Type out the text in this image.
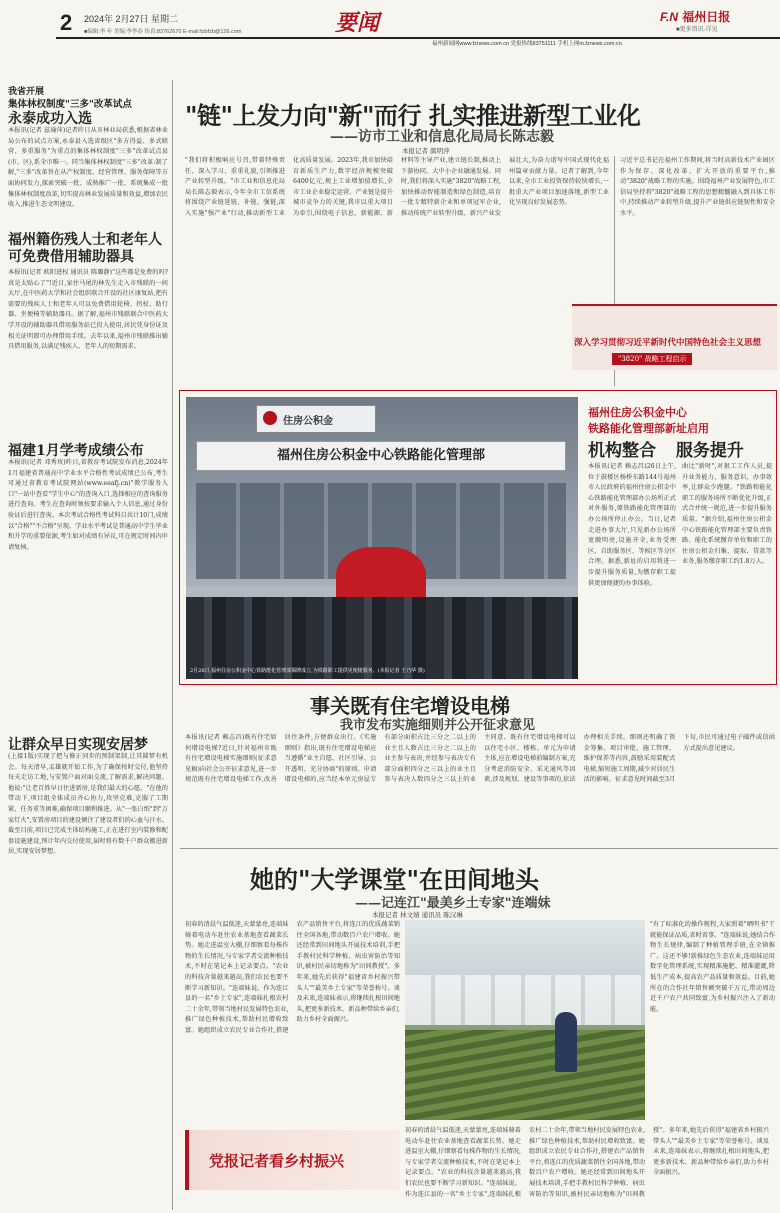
2 2024年 2月27日 星期二
■编辑:李 年 美编:李李春 传真:83762670 E-mail:fzbfzb@126.com	要闻	F.N 福州日报
■更多资讯·详见
福州新闻网www.fznews.com.cn 党报热线83751111 手机上网m.fznews.com.cn
我省开展
集体林权制度"三多"改革试点
永泰成功入选
本报讯(记者 兹瑜萍)记者昨日从市林业局获悉,根据省林业局公布的试点方案,永泰县入选省级区"多方得益、多式联营、多重服务"为重点的集体林权制度"三多"改革试点县(市、区),系全市唯一。同当集体林权制度"三多"改革:制了解,"三多"改革旨在从产权制度、经营管理、服务保障等方面协同发力,探索突破一批、成熟推广一批、系统集成一批集体林权制度改革,切实提高林业发展质量和效益,增加农民收入,推进生态文明建设。
福州籍伤残人士和老年人可免费借用辅助器具
本报讯(记者 欧阳进权 通讯员 陈璐静)"这些都是免费的吗?真是太贴心了"!近日,家住马尾的林先生走入市残联的一间大厅,在中医药大学和社会组织联合开设的社区康复站,把有需要的残疾人士和老年人可以免费借用轮椅、拐杖、助行器、坐便椅等辅助器具。据了解,福州市残联联合中医药大学开设的辅助器具借用服务站已投入使用,居民凭身份证及相关证明即可办理借用手续。去年以来,福州市残联推出辅具借用服务,以满足残疾人、老年人的短期需求。
福建1月学考成绩公布
本报讯(记者 邓秀玫)昨日,省教育考试院发布消息,2024年1月福建省普通高中学业水平合格性考试成绩已公布,考生可通过省教育考试院网站(www.eeafj.cn)"教学服务入口"一站中查看"学生中心"的查询入口,选择相应的查询服务进行查询。考生在查询时须按要求输入个人信息,通过身份验证后进行查询。本次考试合格性考试科目共计10门,成绩以"合格""不合格"呈现。学业水平考试是普通高中学生毕业和升学的重要依据,考生如对成绩有异议,可在规定时间内申请复核。
让群众早日实现安居梦
(上接1版)实现了把与修正同步的预制架制,让其圆梦有机会。每天清早,孟雄就开始工作,为了确保按时交付,他坚持每天走访工地,与安置户面对面交流,了解需求,解决问题。他说:"让老百姓早日住进新房,是我们最大的心愿。"在他的带动下,项目组全体成员齐心协力,攻坚克难,克服了工期紧、任务重等困难,确保项目顺利推进。从"一张白纸"到"万家灯火",安置房项目的建设倾注了建设者们的心血与汗水。截至目前,项目已完成主体结构施工,正在进行室内装修和配套设施建设,预计年内交付使用,届时将有数千户群众搬进新居,实现安居梦想。
"链"上发力向"新"而行 扎实推进新型工业化
——访市工业和信息化局局长陈志毅
本报记者 颜明萍
"我们将积极响应号召,带着特殊责任、深入学习、重重礼貌,引领推进产业转型升级。"市工业和信息化局局长陈志毅表示,今年全市工信系统将围绕产业链延链、补链、强链,深入实施"强产业"行动,推动新型工业化高质量发展。2023年,我市加快培育新质生产力,数字经济规模突破6400亿元,规上工业增加值增长,全市工业企业稳定运营。产业链是提升城市竞争力的关键,我市以重大项目为牵引,围绕电子信息、新能源、新材料等主导产业,建立链长制,推动上下游协同、大中小企业融通发展。同时,我们将深入实施"3820"战略工程,加快推动智能制造和绿色制造,培育一批专精特新企业和单项冠军企业,推动传统产业转型升级、新兴产业发展壮大,为奋力谱写中国式现代化福州篇章贡献力量。记者了解到,今年以来,全市工业投资保持较快增长,一批重大产业项目加速落地,新型工业化呈现良好发展态势。
习近平总书记在福州工作期间,将当时高新技术产业园区作为保存、深化改革、扩大开放的重要平台,推动"3820"战略工程的实施。围绕福州产业发展特色,市工信局坚持将"3820"战略工程的思想精髓融入到具体工作中,持续推动产业转型升级,提升产业链供应链韧性和安全水平。
深入学习贯彻习近平新时代中国特色社会主义思想
"3820" 战略工程启示
住房公积金
福州住房公积金中心铁路能化管理部
2月26日,福州住房公积金中心铁路能化管理部揭牌成立,为铁路职工提供更便捷服务。(本报记者 王乃华 摄)
福州住房公积金中心
铁路能化管理部新址启用
机构整合 服务提升
本报讯(记者 赖志昌)26日上午,位于鼓楼区杨桥东路144号福州市人民政府的福州住房公积金中心铁路能化管理部办公场所正式对外服务,原铁路能化管理部的办公场所停止办公。当日,记者走进办事大厅,只见新办公场所宽敞明亮,设施齐全,业务受理区、自助服务区、等候区等分区合理。据悉,新址的启用将进一步提升服务质量,为缴存职工提供更加便捷的办事体验。
曲比"新时",对狠工工作人员,提升业务能力、服务意识、办事效率,让群众少跑腿。"铁路和能化职工的服务场所不断优化升级,正式合并统一规范,进一步提升服务质量。"据介绍,福州住房公积金中心铁路能化管理部主要负责铁路、能化系统缴存单位和职工的住房公积金归集、提取、贷款等业务,服务缴存职工约1.8万人。
事关既有住宅增设电梯
我市发布实施细则并公开征求意见
本报讯(记者 赖志昌)既有住宅如何增设电梯?近日,针对福州市既有住宅增设电梯实施细则(征求意见稿)向社会公开征求意见,进一步规范既有住宅增设电梯工作,改善居住条件,方便群众出行。《实施细则》指出,既有住宅增设电梯应当遵循"业主自愿、社区引导、公开透明、充分协商"的原则。申请增设电梯的,应当经本单元房屋专有部分面积占比三分之二以上的业主且人数占比三分之二以上的业主参与表决,并经参与表决专有部分面积四分之三以上的业主且参与表决人数四分之三以上的业主同意。既有住宅增设电梯可以以住宅小区、楼栋、单元为申请主体,应在增设电梯前编制方案,充分考虑消防安全、采光通风等因素,涉及规划、建设等事项的,依法办理相关手续。细则还明确了资金筹集、项目审批、施工管理、维护保养等内容,鼓励采用装配式电梯,缩短施工周期,减少对居民生活的影响。征求意见时间截至3月下旬,市民可通过电子邮件或信函方式提出意见建议。
她的"大学课堂"在田间地头
——记连江"最美乡土专家"连端妹
本报记者 林文婧 通讯员 陈汉琳
初春的清晨气温低迷,天蒙蒙亮,连端妹骑着电动车赶往农业基地查看蔬菜长势。她走进温室大棚,仔细察看每株作物的生长情况,与专家学者交流种植技术,不时在笔记本上记录要点。"农业的科技含量越来越高,我们农民也要不断学习新知识。"连端妹说。作为连江县的一名"乡土专家",连端妹扎根农村二十余年,带领当地村民发展特色农业,推广绿色种植技术,帮助村民增收致富。她组织成立农民专业合作社,搭建农产品销售平台,将连江的优质蔬菜销往全国各地,带动数百户农户增收。她还经常到田间地头开展技术培训,手把手教村民科学种植、病虫害防治等知识,被村民亲切地称为"田间教授"。多年来,她先后获得"福建省乡村振兴带头人""最美乡土专家"等荣誉称号。谈及未来,连端妹表示,将继续扎根田间地头,把更多新技术、新品种带给乡亲们,助力乡村全面振兴。
"有了标准化的操作规程,大家照着"晒明书"干就能保证品质,省时省事。"连端妹说,她结合作物生长规律,编制了种植管理手册,在全镇推广。这还不够!新推绿色生态农业,连端妹运用数字化管理系统,实现精准施肥、精准灌溉,降低生产成本,提高农产品质量和效益。目前,她所在的合作社年销售额突破千万元,带动周边近千户农户共同致富,为乡村振兴注入了新动能。
党报记者看乡村振兴
初春的清晨气温低迷,天蒙蒙亮,连端妹骑着电动车赶往农业基地查看蔬菜长势。她走进温室大棚,仔细察看每株作物的生长情况,与专家学者交流种植技术,不时在笔记本上记录要点。"农业的科技含量越来越高,我们农民也要不断学习新知识。"连端妹说。作为连江县的一名"乡土专家",连端妹扎根农村二十余年,带领当地村民发展特色农业,推广绿色种植技术,帮助村民增收致富。她组织成立农民专业合作社,搭建农产品销售平台,将连江的优质蔬菜销往全国各地,带动数百户农户增收。她还经常到田间地头开展技术培训,手把手教村民科学种植、病虫害防治等知识,被村民亲切地称为"田间教授"。多年来,她先后获得"福建省乡村振兴带头人""最美乡土专家"等荣誉称号。谈及未来,连端妹表示,将继续扎根田间地头,把更多新技术、新品种带给乡亲们,助力乡村全面振兴。
